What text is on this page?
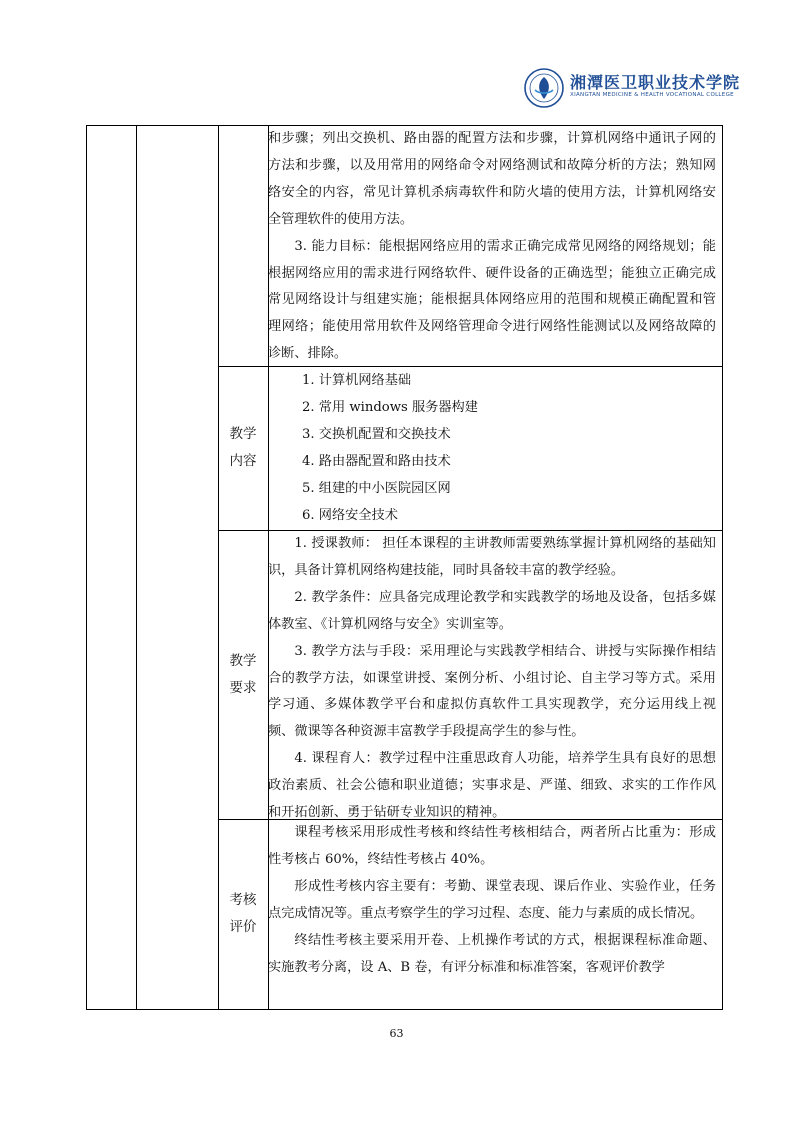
湘潭医卫职业技术学院
XIANGTAN MEDICINE & HEALTH VOCATIONAL COLLEGE

和步骤；列出交换机、路由器的配置方法和步骤，计算机网络中通讯子网的方法和步骤，以及用常用的网络命令对网络测试和故障分析的方法；熟知网络安全的内容，常见计算机杀病毒软件和防火墙的使用方法，计算机网络安全管理软件的使用方法。

3. 能力目标：能根据网络应用的需求正确完成常见网络的网络规划；能根据网络应用的需求进行网络软件、硬件设备的正确选型；能独立正确完成常见网络设计与组建实施；能根据具体网络应用的范围和规模正确配置和管理网络；能使用常用软件及网络管理命令进行网络性能测试以及网络故障的诊断、排除。

教学
内容

1. 计算机网络基础

2. 常用 windows 服务器构建

3. 交换机配置和交换技术

4. 路由器配置和路由技术

5. 组建的中小医院园区网

6. 网络安全技术

教学
要求

1. 授课教师： 担任本课程的主讲教师需要熟练掌握计算机网络的基础知识，具备计算机网络构建技能，同时具备较丰富的教学经验。

2. 教学条件：应具备完成理论教学和实践教学的场地及设备，包括多媒体教室、《计算机网络与安全》实训室等。

3. 教学方法与手段：采用理论与实践教学相结合、讲授与实际操作相结合的教学方法，如课堂讲授、案例分析、小组讨论、自主学习等方式。采用学习通、多媒体教学平台和虚拟仿真软件工具实现教学，充分运用线上视频、微课等各种资源丰富教学手段提高学生的参与性。

4. 课程育人：教学过程中注重思政育人功能，培养学生具有良好的思想政治素质、社会公德和职业道德；实事求是、严谨、细致、求实的工作作风和开拓创新、勇于钻研专业知识的精神。

考核
评价

课程考核采用形成性考核和终结性考核相结合，两者所占比重为：形成性考核占 60%，终结性考核占 40%。

形成性考核内容主要有：考勤、课堂表现、课后作业、实验作业，任务点完成情况等。重点考察学生的学习过程、态度、能力与素质的成长情况。

终结性考核主要采用开卷、上机操作考试的方式，根据课程标准命题、实施教考分离，设 A、B 卷，有评分标准和标准答案，客观评价教学

63
